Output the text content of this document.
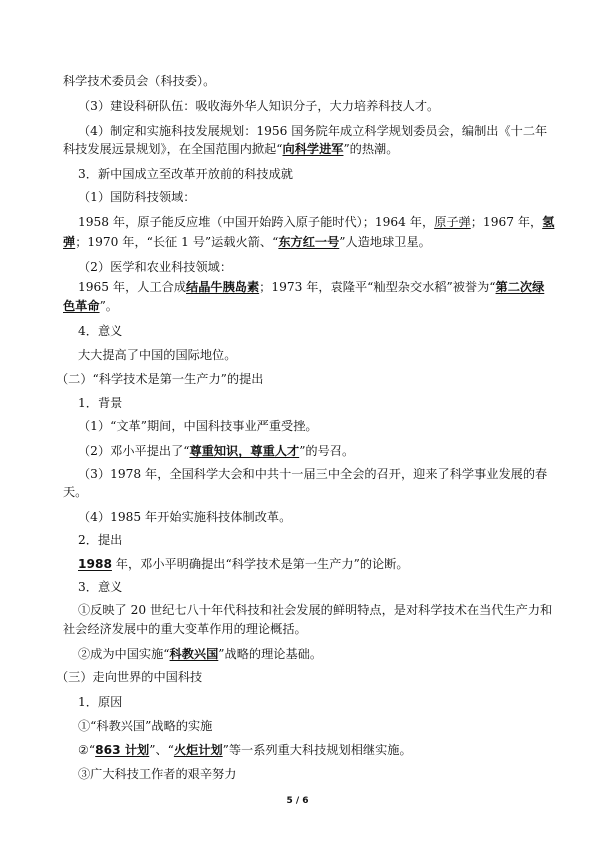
科学技术委员会（科技委）。
（3）建设科研队伍：吸收海外华人知识分子，大力培养科技人才。
（4）制定和实施科技发展规划：1956 国务院年成立科学规划委员会，编制出《十二年
科技发展远景规划》，在全国范围内掀起“向科学进军”的热潮。
3．新中国成立至改革开放前的科技成就
（1）国防科技领域：
1958 年，原子能反应堆（中国开始跨入原子能时代）；1964 年，原子弹；1967 年，氢
弹；1970 年，“长征 1 号”运载火箭、“东方红一号”人造地球卫星。
（2）医学和农业科技领域：
1965 年，人工合成结晶牛胰岛素；1973 年，袁隆平“籼型杂交水稻”被誉为“第二次绿
色革命”。
4．意义
大大提高了中国的国际地位。
（二）“科学技术是第一生产力”的提出
1．背景
（1）“文革”期间，中国科技事业严重受挫。
（2）邓小平提出了“尊重知识，尊重人才”的号召。
（3）1978 年，全国科学大会和中共十一届三中全会的召开，迎来了科学事业发展的春
天。
（4）1985 年开始实施科技体制改革。
2．提出
1988 年，邓小平明确提出“科学技术是第一生产力”的论断。
3．意义
①反映了 20 世纪七八十年代科技和社会发展的鲜明特点，是对科学技术在当代生产力和
社会经济发展中的重大变革作用的理论概括。
②成为中国实施“科教兴国”战略的理论基础。
（三）走向世界的中国科技
1．原因
①“科教兴国”战略的实施
②“863 计划”、“火炬计划”等一系列重大科技规划相继实施。
③广大科技工作者的艰辛努力
5 / 6
